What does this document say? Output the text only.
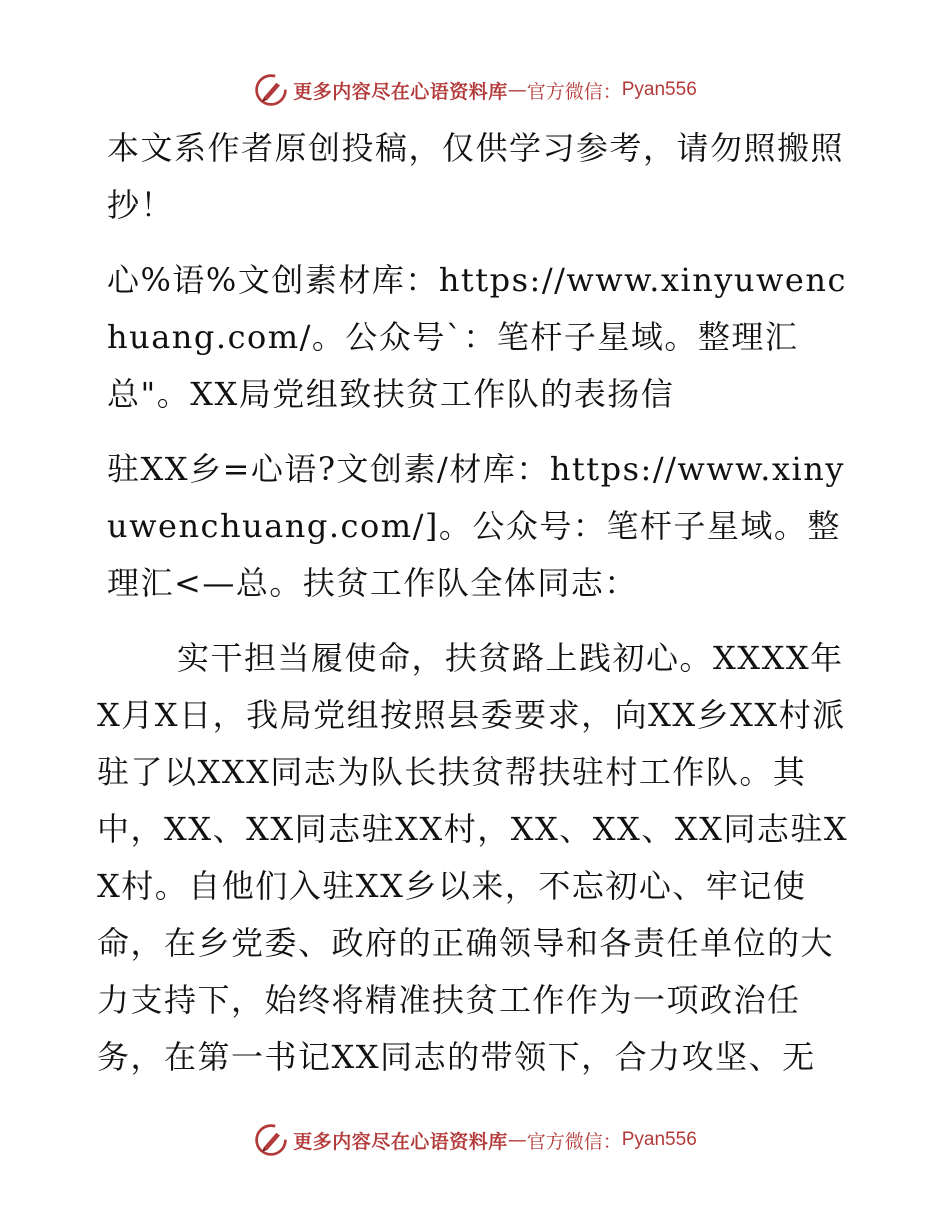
更多内容尽在心语资料库 — 官方微信： Pyan556

本文系作者原创投稿，仅供学习参考，请勿照搬照抄！

心%语%文创素材库：https://www.xinyuwenchuang.com/。公众号`：笔杆子星域。整理汇总"。XX局党组致扶贫工作队的表扬信

驻XX乡=心语?文创素/材库：https://www.xinyuwenchuang.com/]。公众号：笔杆子星域。整理汇<—总。扶贫工作队全体同志：

实干担当履使命，扶贫路上践初心。XXXX年X月X日，我局党组按照县委要求，向XX乡XX村派驻了以XXX同志为队长扶贫帮扶驻村工作队。其中，XX、XX同志驻XX村，XX、XX、XX同志驻XX村。自他们入驻XX乡以来，不忘初心、牢记使命，在乡党委、政府的正确领导和各责任单位的大力支持下，始终将精准扶贫工作作为一项政治任务，在第一书记XX同志的带领下，合力攻坚、无

更多内容尽在心语资料库 — 官方微信： Pyan556
